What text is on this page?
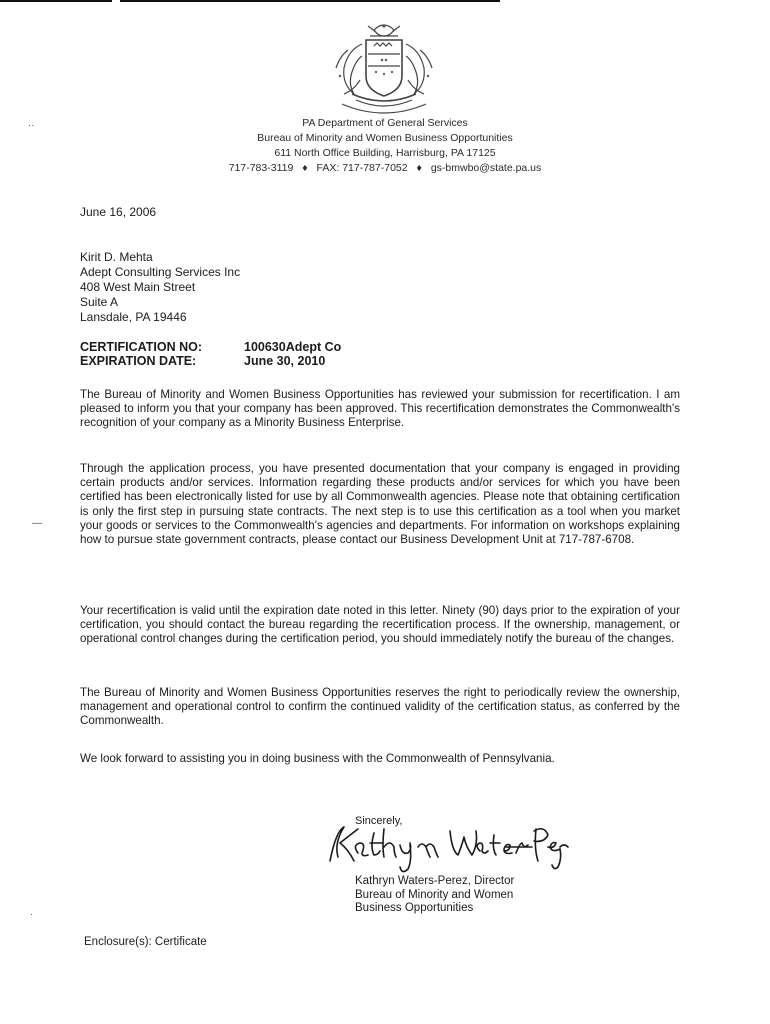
PA Department of General Services
Bureau of Minority and Women Business Opportunities
611 North Office Building, Harrisburg, PA 17125
717-783-3119 ♦ FAX: 717-787-7052 ♦ gs-bmwbo@state.pa.us
⋅⋅
—
⋅
June 16, 2006
Kirit D. Mehta
Adept Consulting Services Inc
408 West Main Street
Suite A
Lansdale, PA 19446
CERTIFICATION NO:	100630Adept Co
EXPIRATION DATE:	June 30, 2010

The Bureau of Minority and Women Business Opportunities has reviewed your submission for recertification. I am pleased to inform you that your company has been approved. This recertification demonstrates the Commonwealth's recognition of your company as a Minority Business Enterprise.

Through the application process, you have presented documentation that your company is engaged in providing certain products and/or services. Information regarding these products and/or services for which you have been certified has been electronically listed for use by all Commonwealth agencies. Please note that obtaining certification is only the first step in pursuing state contracts. The next step is to use this certification as a tool when you market your goods or services to the Commonwealth's agencies and departments. For information on workshops explaining how to pursue state government contracts, please contact our Business Development Unit at 717-787-6708.

Your recertification is valid until the expiration date noted in this letter. Ninety (90) days prior to the expiration of your certification, you should contact the bureau regarding the recertification process. If the ownership, management, or operational control changes during the certification period, you should immediately notify the bureau of the changes.

The Bureau of Minority and Women Business Opportunities reserves the right to periodically review the ownership, management and operational control to confirm the continued validity of the certification status, as conferred by the Commonwealth.

We look forward to assisting you in doing business with the Commonwealth of Pennsylvania.

Sincerely,
Kathryn Waters-Perez, Director
Bureau of Minority and Women
Business Opportunities
Enclosure(s): Certificate
